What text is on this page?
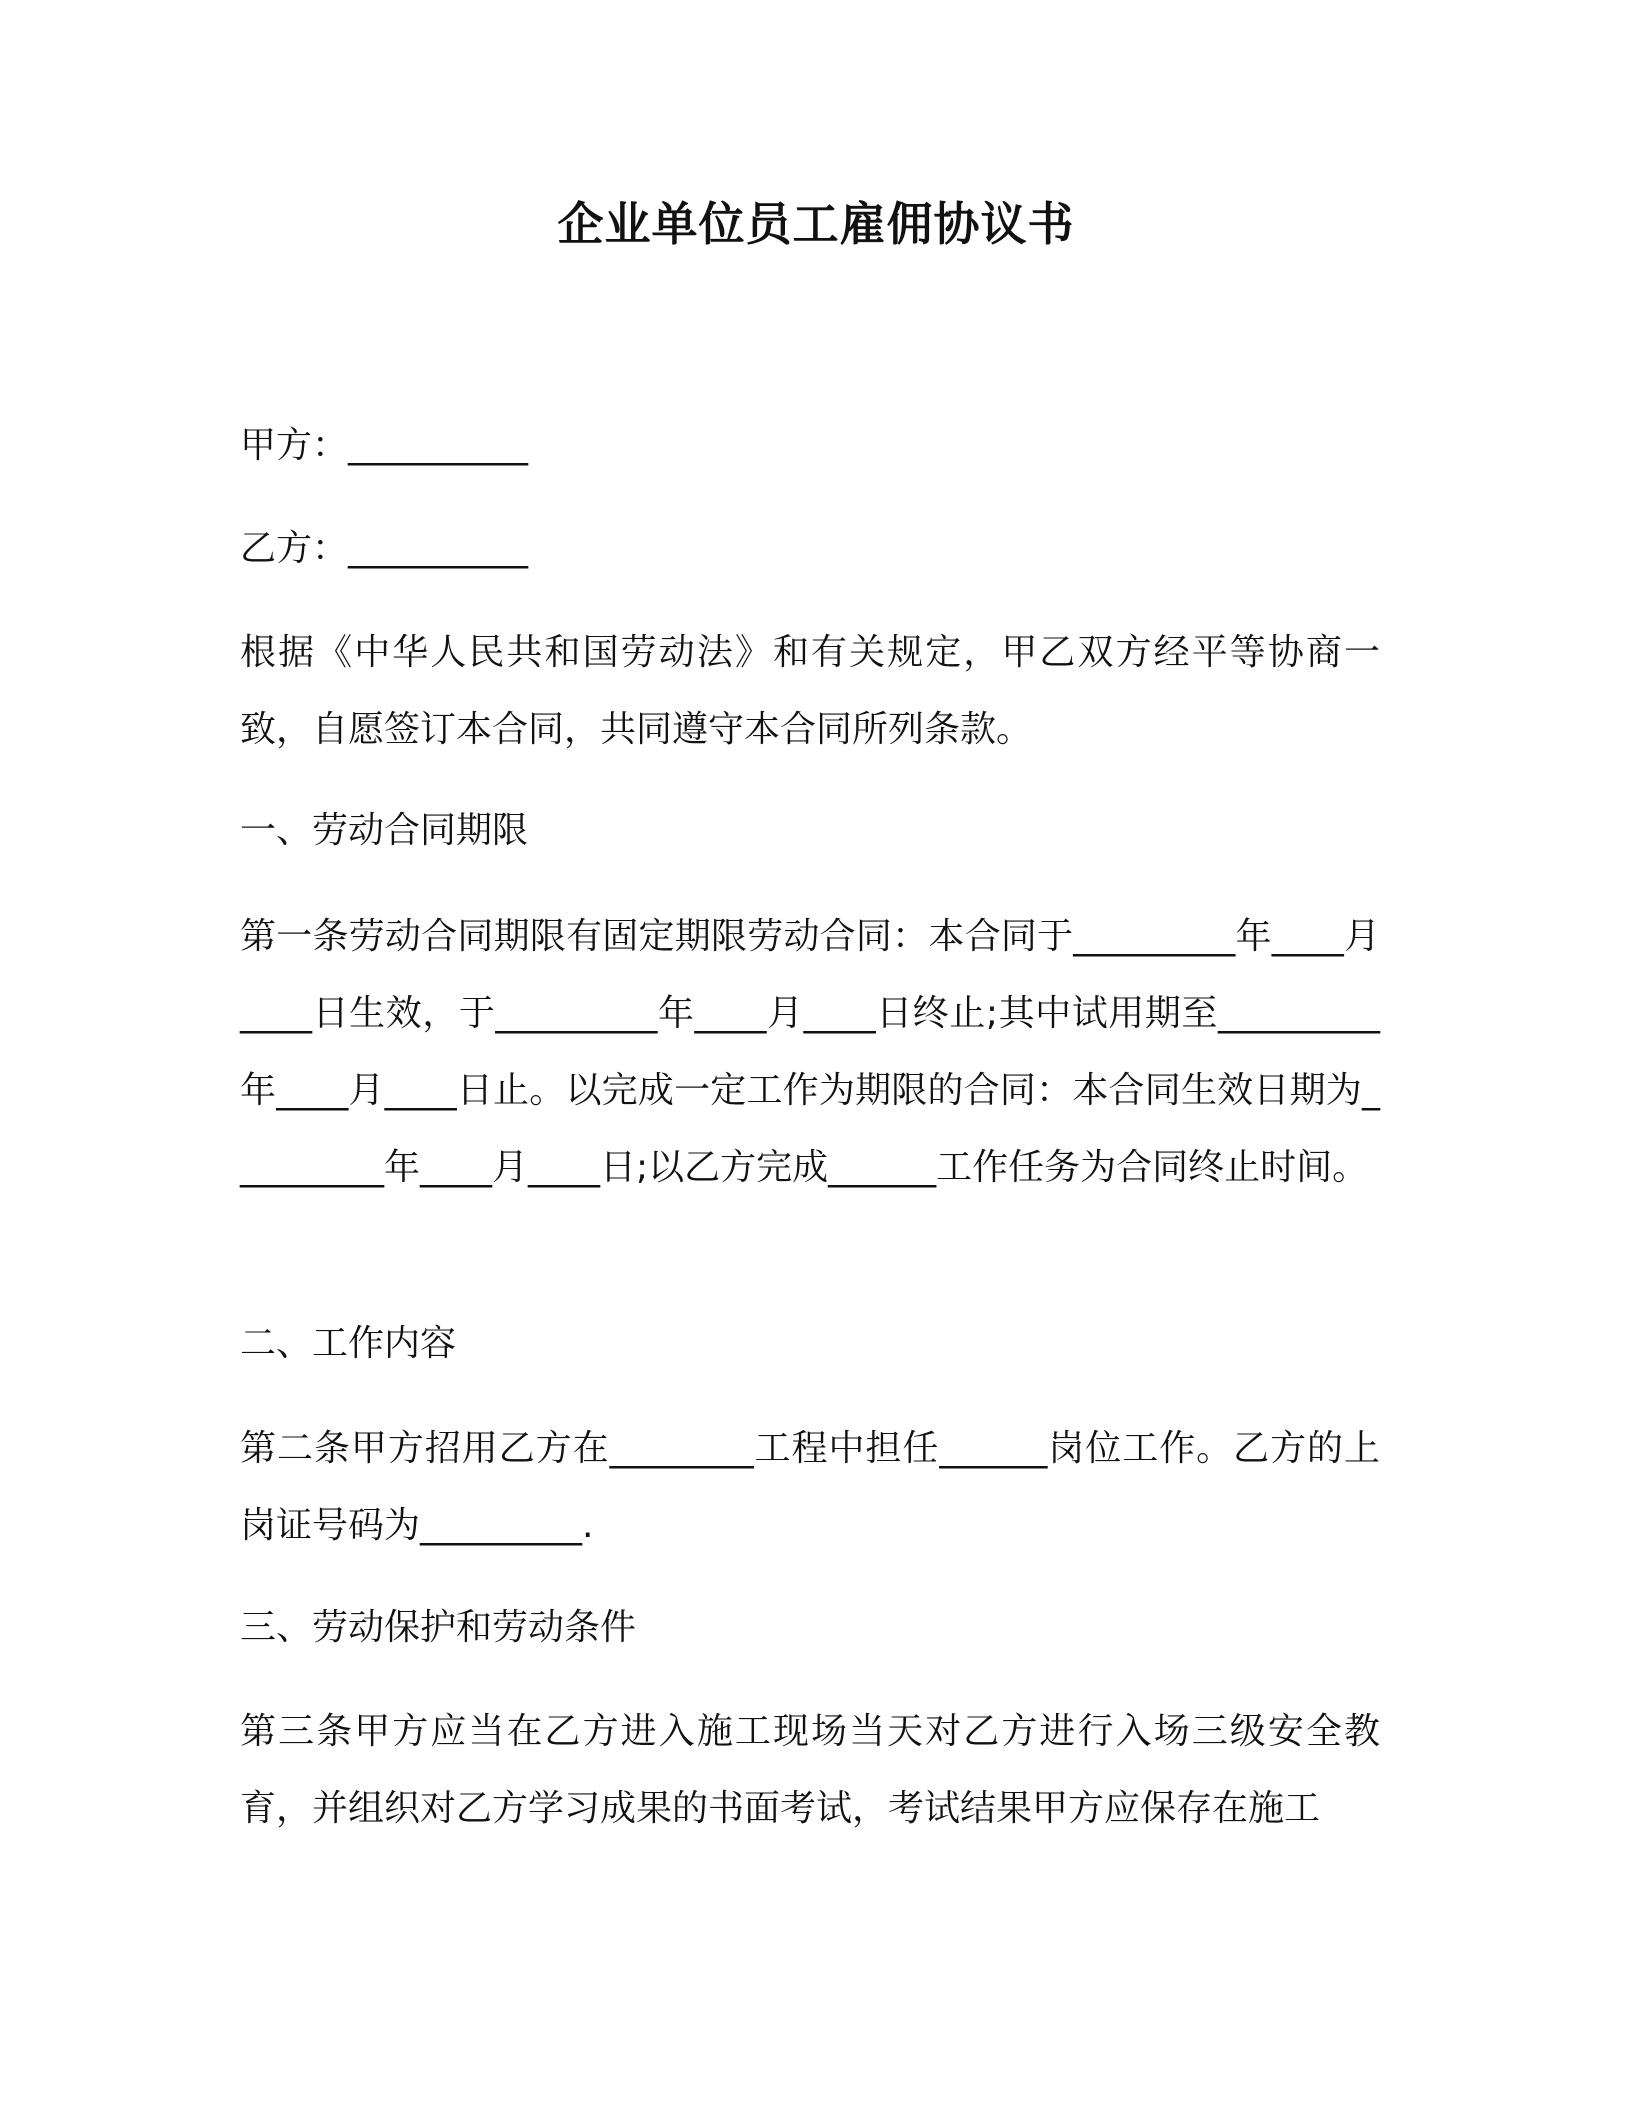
企业单位员工雇佣协议书

甲方：__________

乙方：__________

根据《中华人民共和国劳动法》和有关规定，甲乙双方经平等协商一致，自愿签订本合同，共同遵守本合同所列条款。

一、劳动合同期限

第一条劳动合同期限有固定期限劳动合同：本合同于_________年____月____日生效，于_________年____月____日终止;其中试用期至_________年____月____日止。以完成一定工作为期限的合同：本合同生效日期为_________年____月____日;以乙方完成______工作任务为合同终止时间。

二、工作内容

第二条甲方招用乙方在________工程中担任______岗位工作。乙方的上岗证号码为_________.

三、劳动保护和劳动条件

第三条甲方应当在乙方进入施工现场当天对乙方进行入场三级安全教育，并组织对乙方学习成果的书面考试，考试结果甲方应保存在施工
